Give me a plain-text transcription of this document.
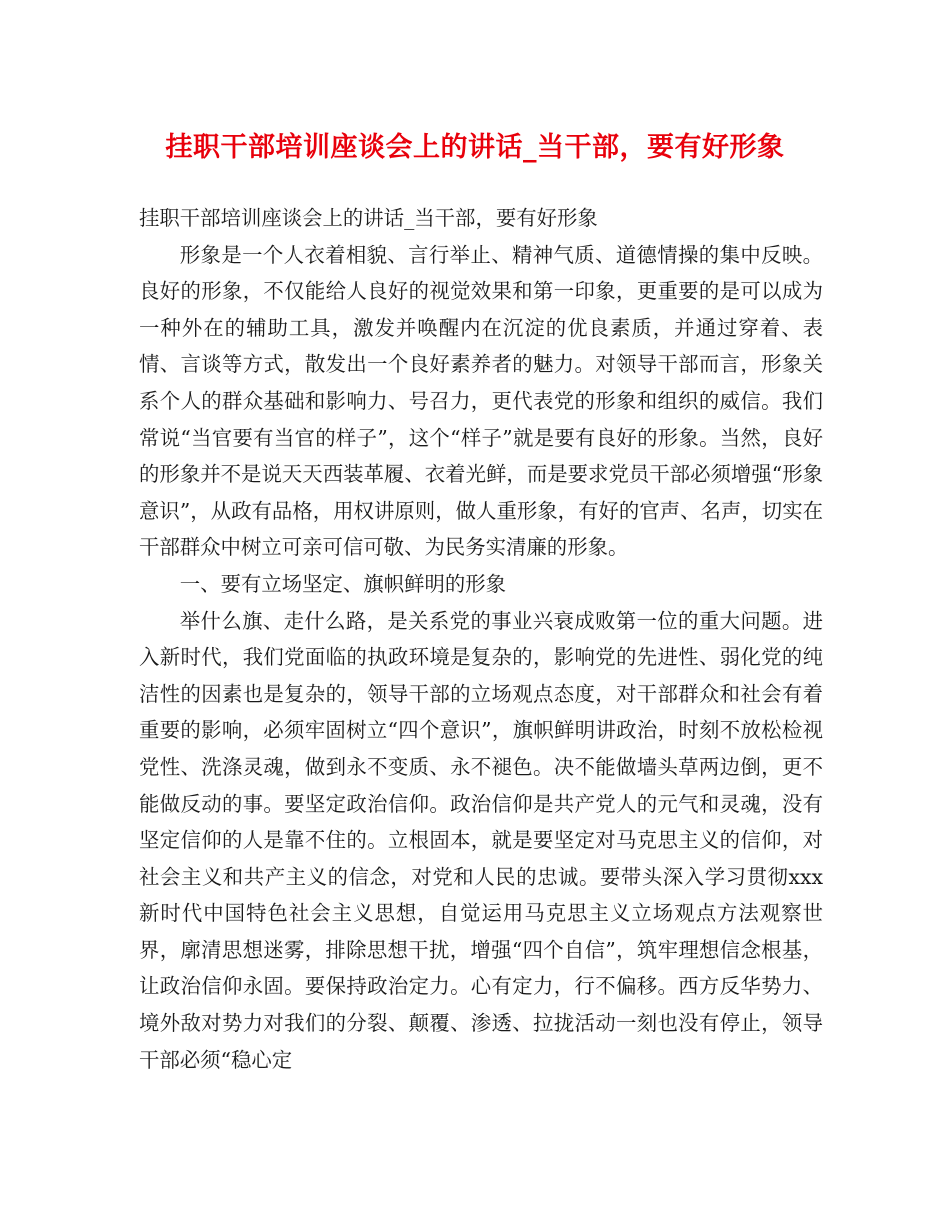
挂职干部培训座谈会上的讲话_当干部，要有好形象

挂职干部培训座谈会上的讲话_当干部，要有好形象

形象是一个人衣着相貌、言行举止、精神气质、道德情操的集中反映。良好的形象，不仅能给人良好的视觉效果和第一印象，更重要的是可以成为一种外在的辅助工具，激发并唤醒内在沉淀的优良素质，并通过穿着、表情、言谈等方式，散发出一个良好素养者的魅力。对领导干部而言，形象关系个人的群众基础和影响力、号召力，更代表党的形象和组织的威信。我们常说“当官要有当官的样子”，这个“样子”就是要有良好的形象。当然，良好的形象并不是说天天西装革履、衣着光鲜，而是要求党员干部必须增强“形象意识”，从政有品格，用权讲原则，做人重形象，有好的官声、名声，切实在干部群众中树立可亲可信可敬、为民务实清廉的形象。

一、要有立场坚定、旗帜鲜明的形象

举什么旗、走什么路，是关系党的事业兴衰成败第一位的重大问题。进入新时代，我们党面临的执政环境是复杂的，影响党的先进性、弱化党的纯洁性的因素也是复杂的，领导干部的立场观点态度，对干部群众和社会有着重要的影响，必须牢固树立“四个意识”，旗帜鲜明讲政治，时刻不放松检视党性、洗涤灵魂，做到永不变质、永不褪色。决不能做墙头草两边倒，更不能做反动的事。要坚定政治信仰。政治信仰是共产党人的元气和灵魂，没有坚定信仰的人是靠不住的。立根固本，就是要坚定对马克思主义的信仰，对社会主义和共产主义的信念，对党和人民的忠诚。要带头深入学习贯彻xxx新时代中国特色社会主义思想，自觉运用马克思主义立场观点方法观察世界，廓清思想迷雾，排除思想干扰，增强“四个自信”，筑牢理想信念根基，让政治信仰永固。要保持政治定力。心有定力，行不偏移。西方反华势力、境外敌对势力对我们的分裂、颠覆、渗透、拉拢活动一刻也没有停止，领导干部必须“稳心定
